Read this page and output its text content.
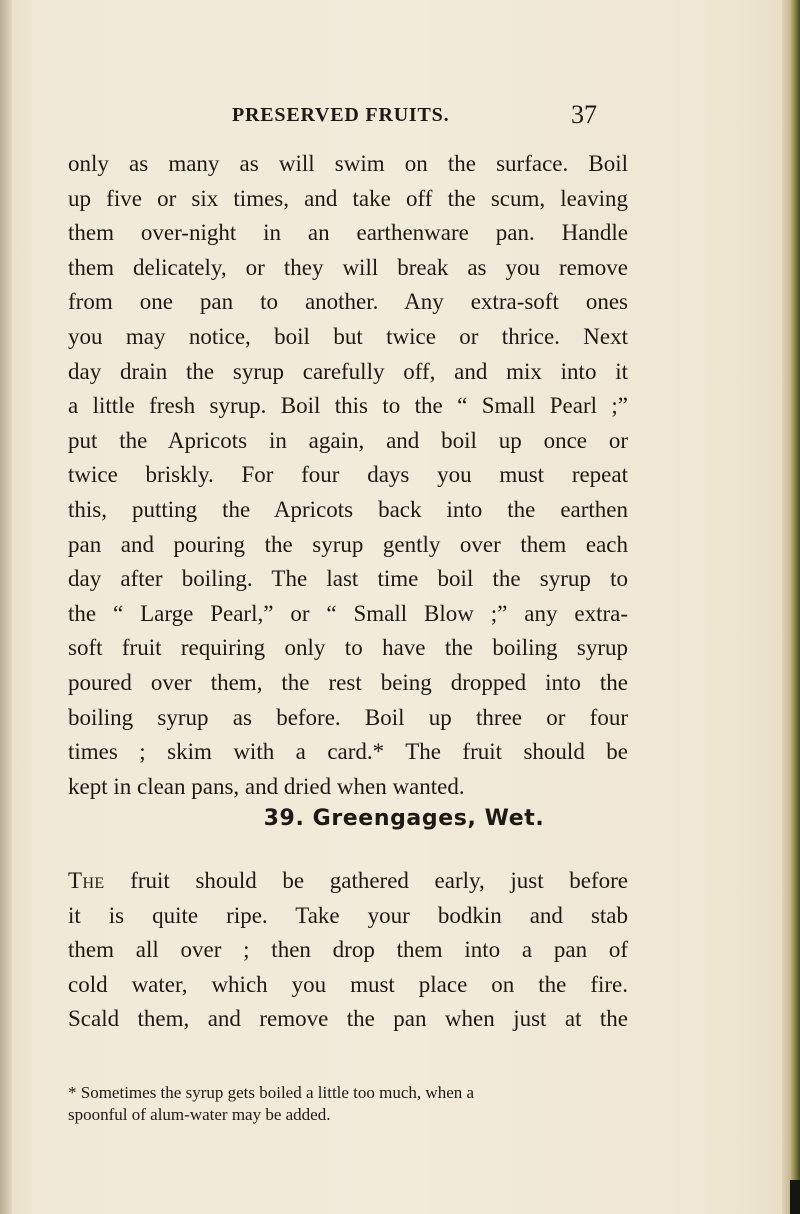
PRESERVED FRUITS.	37
only as many as will swim on the surface. Boil
up five or six times, and take off the scum, leaving
them over-night in an earthenware pan. Handle
them delicately, or they will break as you remove
from one pan to another. Any extra-soft ones
you may notice, boil but twice or thrice. Next
day drain the syrup carefully off, and mix into it
a little fresh syrup. Boil this to the “ Small Pearl ;”
put the Apricots in again, and boil up once or
twice briskly. For four days you must repeat
this, putting the Apricots back into the earthen
pan and pouring the syrup gently over them each
day after boiling. The last time boil the syrup to
the “ Large Pearl,” or “ Small Blow ;” any extra-
soft fruit requiring only to have the boiling syrup
poured over them, the rest being dropped into the
boiling syrup as before. Boil up three or four
times ; skim with a card.* The fruit should be
kept in clean pans, and dried when wanted.
39. Greengages, Wet.
The fruit should be gathered early, just before
it is quite ripe. Take your bodkin and stab
them all over ; then drop them into a pan of
cold water, which you must place on the fire.
Scald them, and remove the pan when just at the
* Sometimes the syrup gets boiled a little too much, when a
spoonful of alum-water may be added.
